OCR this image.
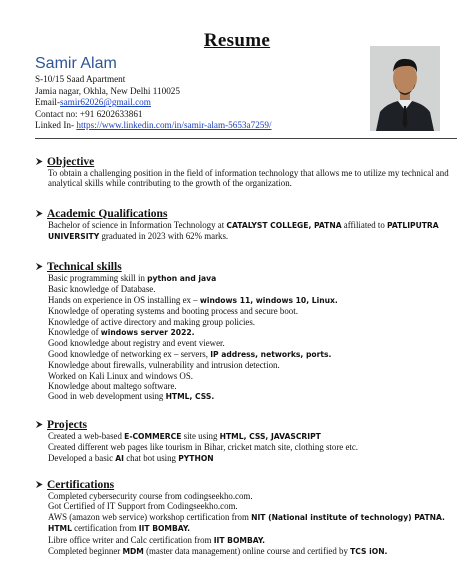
Resume
Samir Alam
S-10/15 Saad Apartment
Jamia nagar, Okhla, New Delhi 110025
Email-samir62026@gmail.com
Contact no: +91 6202633861
Linked In- https://www.linkedin.com/in/samir-alam-5653a7259/
Objective
To obtain a challenging position in the field of information technology that allows me to utilize my technical and analytical skills while contributing to the growth of the organization.
Academic Qualifications
Bachelor of science in Information Technology at CATALYST COLLEGE, PATNA affiliated to PATLIPUTRA UNIVERSITY graduated in 2023 with 62% marks.
Technical skills
Basic programming skill in python and java
Basic knowledge of Database.
Hands on experience in OS installing ex – windows 11, windows 10, Linux.
Knowledge of operating systems and booting process and secure boot.
Knowledge of active directory and making group policies.
Knowledge of windows server 2022.
Good knowledge about registry and event viewer.
Good knowledge of networking ex – servers, IP address, networks, ports.
Knowledge about firewalls, vulnerability and intrusion detection.
Worked on Kali Linux and windows OS.
Knowledge about maltego software.
Good in web development using HTML, CSS.
Projects
Created a web-based E-COMMERCE site using HTML, CSS, JAVASCRIPT
Created different web pages like tourism in Bihar, cricket match site, clothing store etc.
Developed a basic AI chat bot using PYTHON
Certifications
Completed cybersecurity course from codingseekho.com.
Got Certified of IT Support from Codingseekho.com.
AWS (amazon web service) workshop certification from NIT (National institute of technology) PATNA.
HTML certification from IIT BOMBAY.
Libre office writer and Calc certification from IIT BOMBAY.
Completed beginner MDM (master data management) online course and certified by TCS iON.
